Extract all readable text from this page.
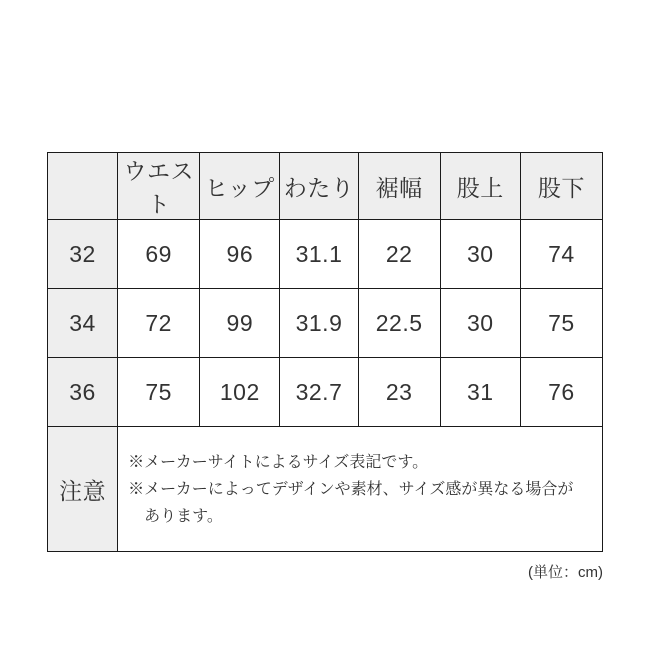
	ウエスト	ヒップ	わたり	裾幅	股上	股下
32	69	96	31.1	22	30	74
34	72	99	31.9	22.5	30	75
36	75	102	32.7	23	31	76
注意	※メーカーサイトによるサイズ表記です。
※メーカーによってデザインや素材、サイズ感が異なる場合が
　あります。					
(単位：cm)
